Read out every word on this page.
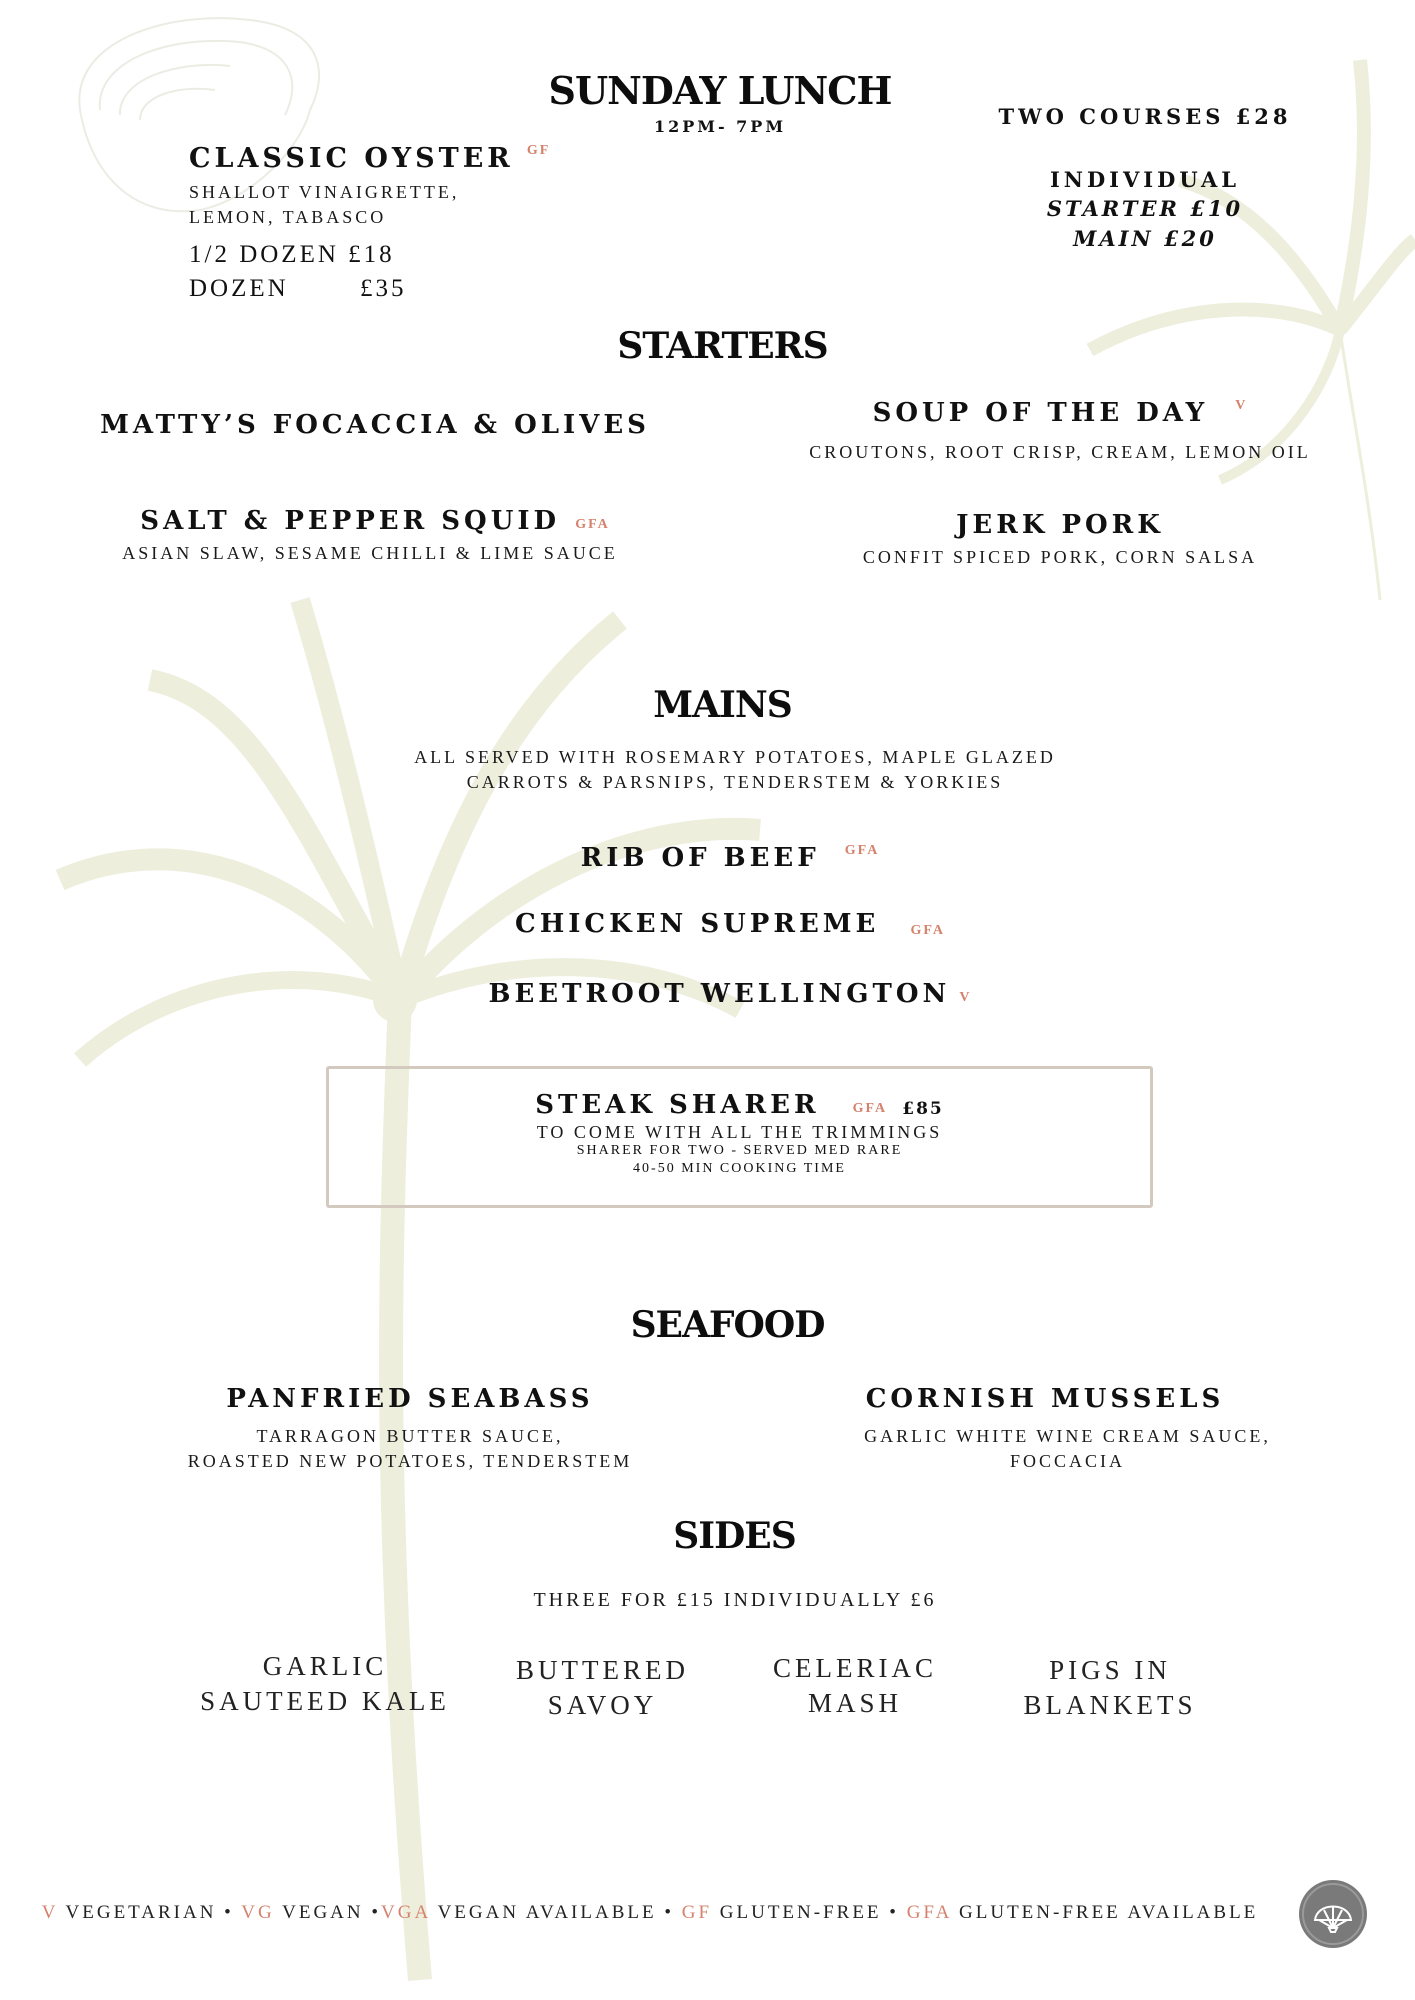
SUNDAY LUNCH
12PM- 7PM	TWO COURSES £28
INDIVIDUAL
STARTER £10
MAIN £20
CLASSIC OYSTER GF
SHALLOT VINAIGRETTE,
LEMON, TABASCO
1/2 DOZEN £18
DOZEN	£35
STARTERS
MATTY’S FOCACCIA & OLIVES	SOUP OF THE DAY V
CROUTONS, ROOT CRISP, CREAM, LEMON OIL
SALT & PEPPER SQUID GFA
ASIAN SLAW, SESAME CHILLI & LIME SAUCE
JERK PORK
CONFIT SPICED PORK, CORN SALSA
MAINS
ALL SERVED WITH ROSEMARY POTATOES, MAPLE GLAZED
CARROTS & PARSNIPS, TENDERSTEM & YORKIES
RIB OF BEEF GFA
CHICKEN SUPREME GFA
BEETROOT WELLINGTON V
STEAK SHARER GFA £85
TO COME WITH ALL THE TRIMMINGS
SHARER FOR TWO - SERVED MED RARE
40-50 MIN COOKING TIME
SEAFOOD
PANFRIED SEABASS
TARRAGON BUTTER SAUCE,
ROASTED NEW POTATOES, TENDERSTEM
CORNISH MUSSELS
GARLIC WHITE WINE CREAM SAUCE,
FOCCACIA
SIDES
THREE FOR £15 INDIVIDUALLY £6
GARLIC
SAUTEED KALE
BUTTERED
SAVOY
CELERIAC
MASH
PIGS IN
BLANKETS
V VEGETARIAN • VG VEGAN •VGA VEGAN AVAILABLE • GF GLUTEN-FREE • GFA GLUTEN-FREE AVAILABLE
